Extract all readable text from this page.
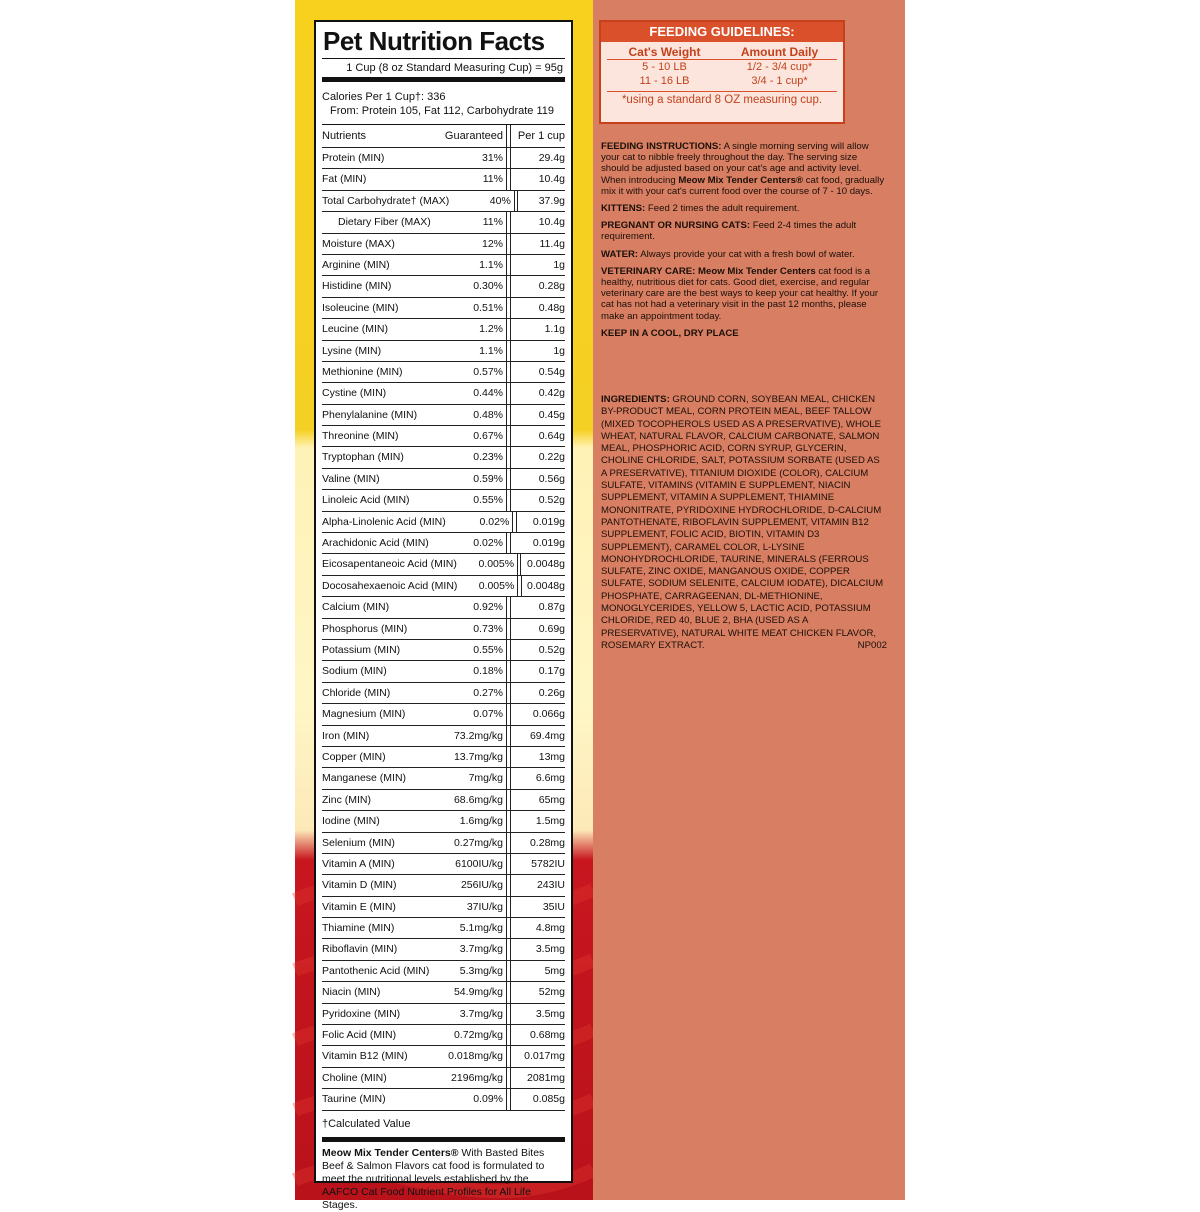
Pet Nutrition Facts
1 Cup (8 oz Standard Measuring Cup) = 95g
Calories Per 1 Cup†: 336
From: Protein 105, Fat 112, Carbohydrate 119
Nutrients	Guaranteed	Per 1 cup
Protein (MIN)	31%	29.4g
Fat (MIN)	11%	10.4g
Total Carbohydrate† (MAX)	40%	37.9g
Dietary Fiber (MAX)	11%	10.4g
Moisture (MAX)	12%	11.4g
Arginine (MIN)	1.1%	1g
Histidine (MIN)	0.30%	0.28g
Isoleucine (MIN)	0.51%	0.48g
Leucine (MIN)	1.2%	1.1g
Lysine (MIN)	1.1%	1g
Methionine (MIN)	0.57%	0.54g
Cystine (MIN)	0.44%	0.42g
Phenylalanine (MIN)	0.48%	0.45g
Threonine (MIN)	0.67%	0.64g
Tryptophan (MIN)	0.23%	0.22g
Valine (MIN)	0.59%	0.56g
Linoleic Acid (MIN)	0.55%	0.52g
Alpha-Linolenic Acid (MIN)	0.02%	0.019g
Arachidonic Acid (MIN)	0.02%	0.019g
Eicosapentaneoic Acid (MIN)	0.005%	0.0048g
Docosahexaenoic Acid (MIN)	0.005%	0.0048g
Calcium (MIN)	0.92%	0.87g
Phosphorus (MIN)	0.73%	0.69g
Potassium (MIN)	0.55%	0.52g
Sodium (MIN)	0.18%	0.17g
Chloride (MIN)	0.27%	0.26g
Magnesium (MIN)	0.07%	0.066g
Iron (MIN)	73.2mg/kg	69.4mg
Copper (MIN)	13.7mg/kg	13mg
Manganese (MIN)	7mg/kg	6.6mg
Zinc (MIN)	68.6mg/kg	65mg
Iodine (MIN)	1.6mg/kg	1.5mg
Selenium (MIN)	0.27mg/kg	0.28mg
Vitamin A (MIN)	6100IU/kg	5782IU
Vitamin D (MIN)	256IU/kg	243IU
Vitamin E (MIN)	37IU/kg	35IU
Thiamine (MIN)	5.1mg/kg	4.8mg
Riboflavin (MIN)	3.7mg/kg	3.5mg
Pantothenic Acid (MIN)	5.3mg/kg	5mg
Niacin (MIN)	54.9mg/kg	52mg
Pyridoxine (MIN)	3.7mg/kg	3.5mg
Folic Acid (MIN)	0.72mg/kg	0.68mg
Vitamin B12 (MIN)	0.018mg/kg	0.017mg
Choline (MIN)	2196mg/kg	2081mg
Taurine (MIN)	0.09%	0.085g
†Calculated Value
Meow Mix Tender Centers® With Basted Bites Beef & Salmon Flavors cat food is formulated to meet the nutritional levels established by the AAFCO Cat Food Nutrient Profiles for All Life Stages.
FEEDING GUIDELINES:
Cat's Weight	Amount Daily
5 - 10 LB	1/2 - 3/4 cup*
11 - 16 LB	3/4 - 1 cup*
*using a standard 8 OZ measuring cup.

FEEDING INSTRUCTIONS: A single morning serving will allow your cat to nibble freely throughout the day. The serving size should be adjusted based on your cat's age and activity level. When introducing Meow Mix Tender Centers® cat food, gradually mix it with your cat's current food over the course of 7 - 10 days.

KITTENS: Feed 2 times the adult requirement.

PREGNANT OR NURSING CATS: Feed 2-4 times the adult requirement.

WATER: Always provide your cat with a fresh bowl of water.

VETERINARY CARE: Meow Mix Tender Centers cat food is a healthy, nutritious diet for cats. Good diet, exercise, and regular veterinary care are the best ways to keep your cat healthy. If your cat has not had a veterinary visit in the past 12 months, please make an appointment today.

KEEP IN A COOL, DRY PLACE

INGREDIENTS: GROUND CORN, SOYBEAN MEAL, CHICKEN BY-PRODUCT MEAL, CORN PROTEIN MEAL, BEEF TALLOW (MIXED TOCOPHEROLS USED AS A PRESERVATIVE), WHOLE WHEAT, NATURAL FLAVOR, CALCIUM CARBONATE, SALMON MEAL, PHOSPHORIC ACID, CORN SYRUP, GLYCERIN, CHOLINE CHLORIDE, SALT, POTASSIUM SORBATE (USED AS A PRESERVATIVE), TITANIUM DIOXIDE (COLOR), CALCIUM SULFATE, VITAMINS (VITAMIN E SUPPLEMENT, NIACIN SUPPLEMENT, VITAMIN A SUPPLEMENT, THIAMINE MONONITRATE, PYRIDOXINE HYDROCHLORIDE, D-CALCIUM PANTOTHENATE, RIBOFLAVIN SUPPLEMENT, VITAMIN B12 SUPPLEMENT, FOLIC ACID, BIOTIN, VITAMIN D3 SUPPLEMENT), CARAMEL COLOR, L-LYSINE MONOHYDROCHLORIDE, TAURINE, MINERALS (FERROUS SULFATE, ZINC OXIDE, MANGANOUS OXIDE, COPPER SULFATE, SODIUM SELENITE, CALCIUM IODATE), DICALCIUM PHOSPHATE, CARRAGEENAN, DL-METHIONINE, MONOGLYCERIDES, YELLOW 5, LACTIC ACID, POTASSIUM CHLORIDE, RED 40, BLUE 2, BHA (USED AS A PRESERVATIVE), NATURAL WHITE MEAT CHICKEN FLAVOR, ROSEMARY EXTRACT.	NP002
